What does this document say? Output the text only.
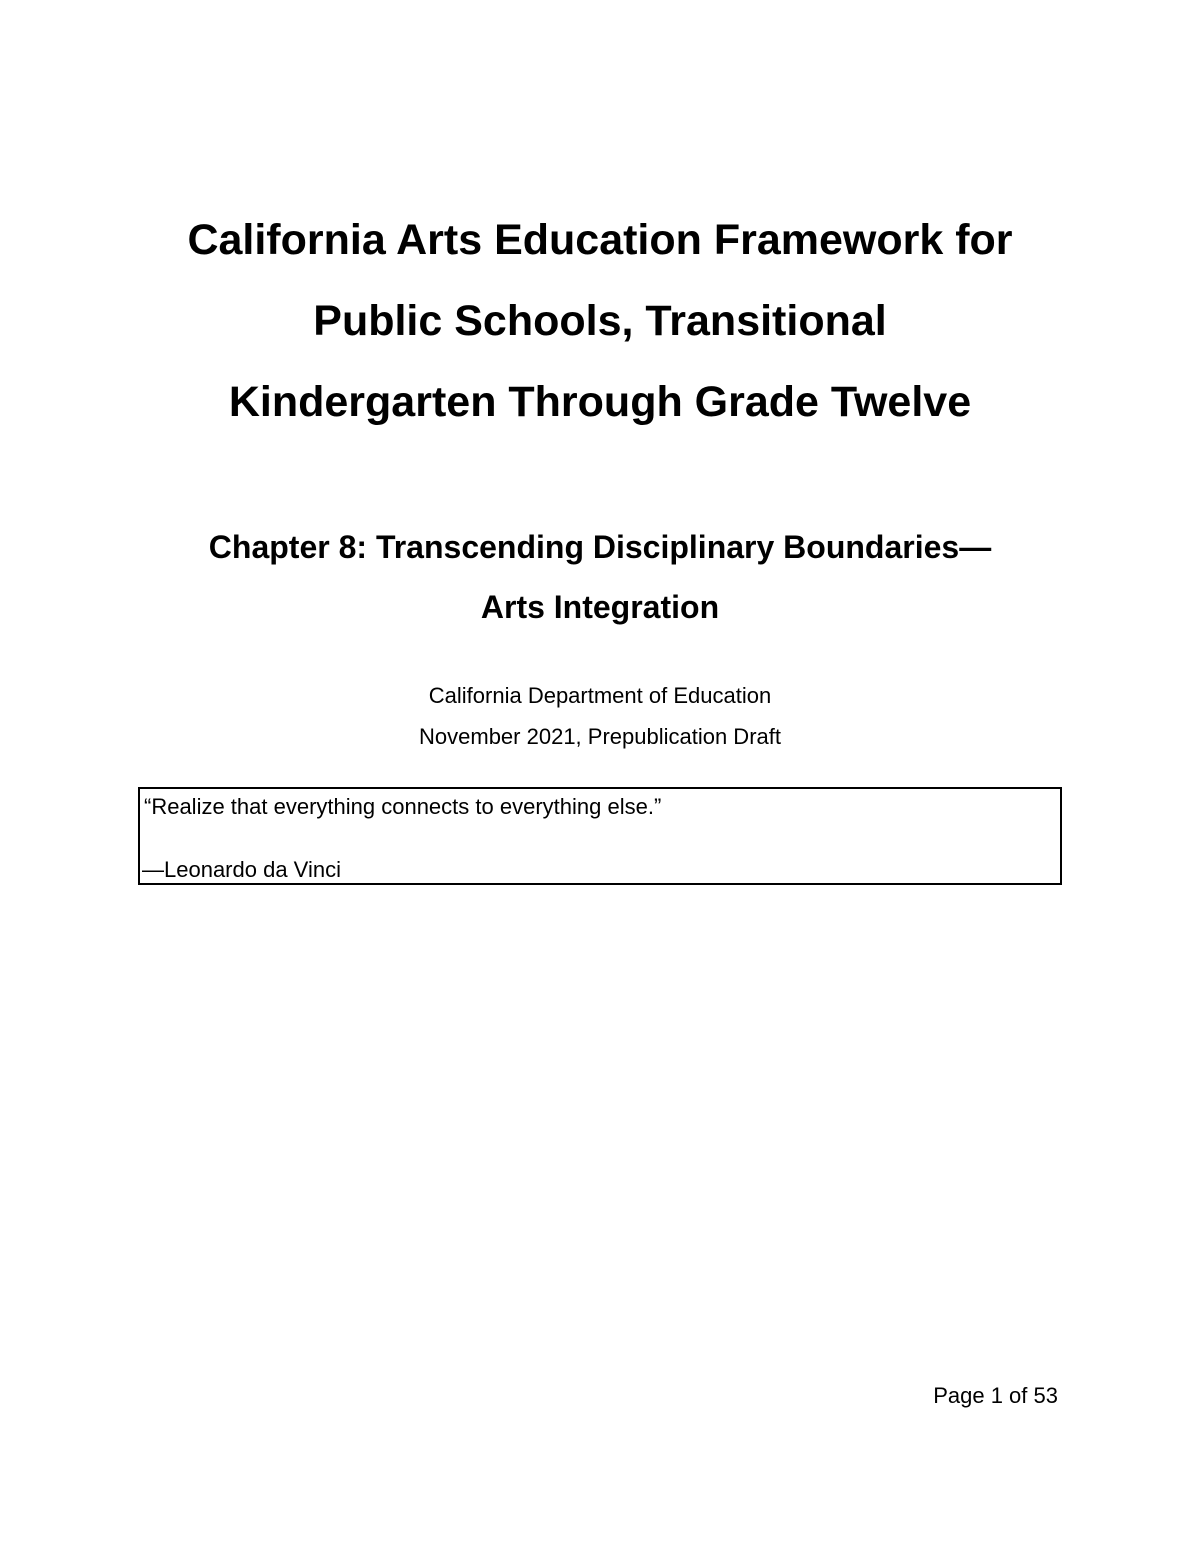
California Arts Education Framework for
Public Schools, Transitional
Kindergarten Through Grade Twelve
Chapter 8: Transcending Disciplinary Boundaries—
Arts Integration
California Department of Education
November 2021, Prepublication Draft
“Realize that everything connects to everything else.”
—Leonardo da Vinci
Page 1 of 53
